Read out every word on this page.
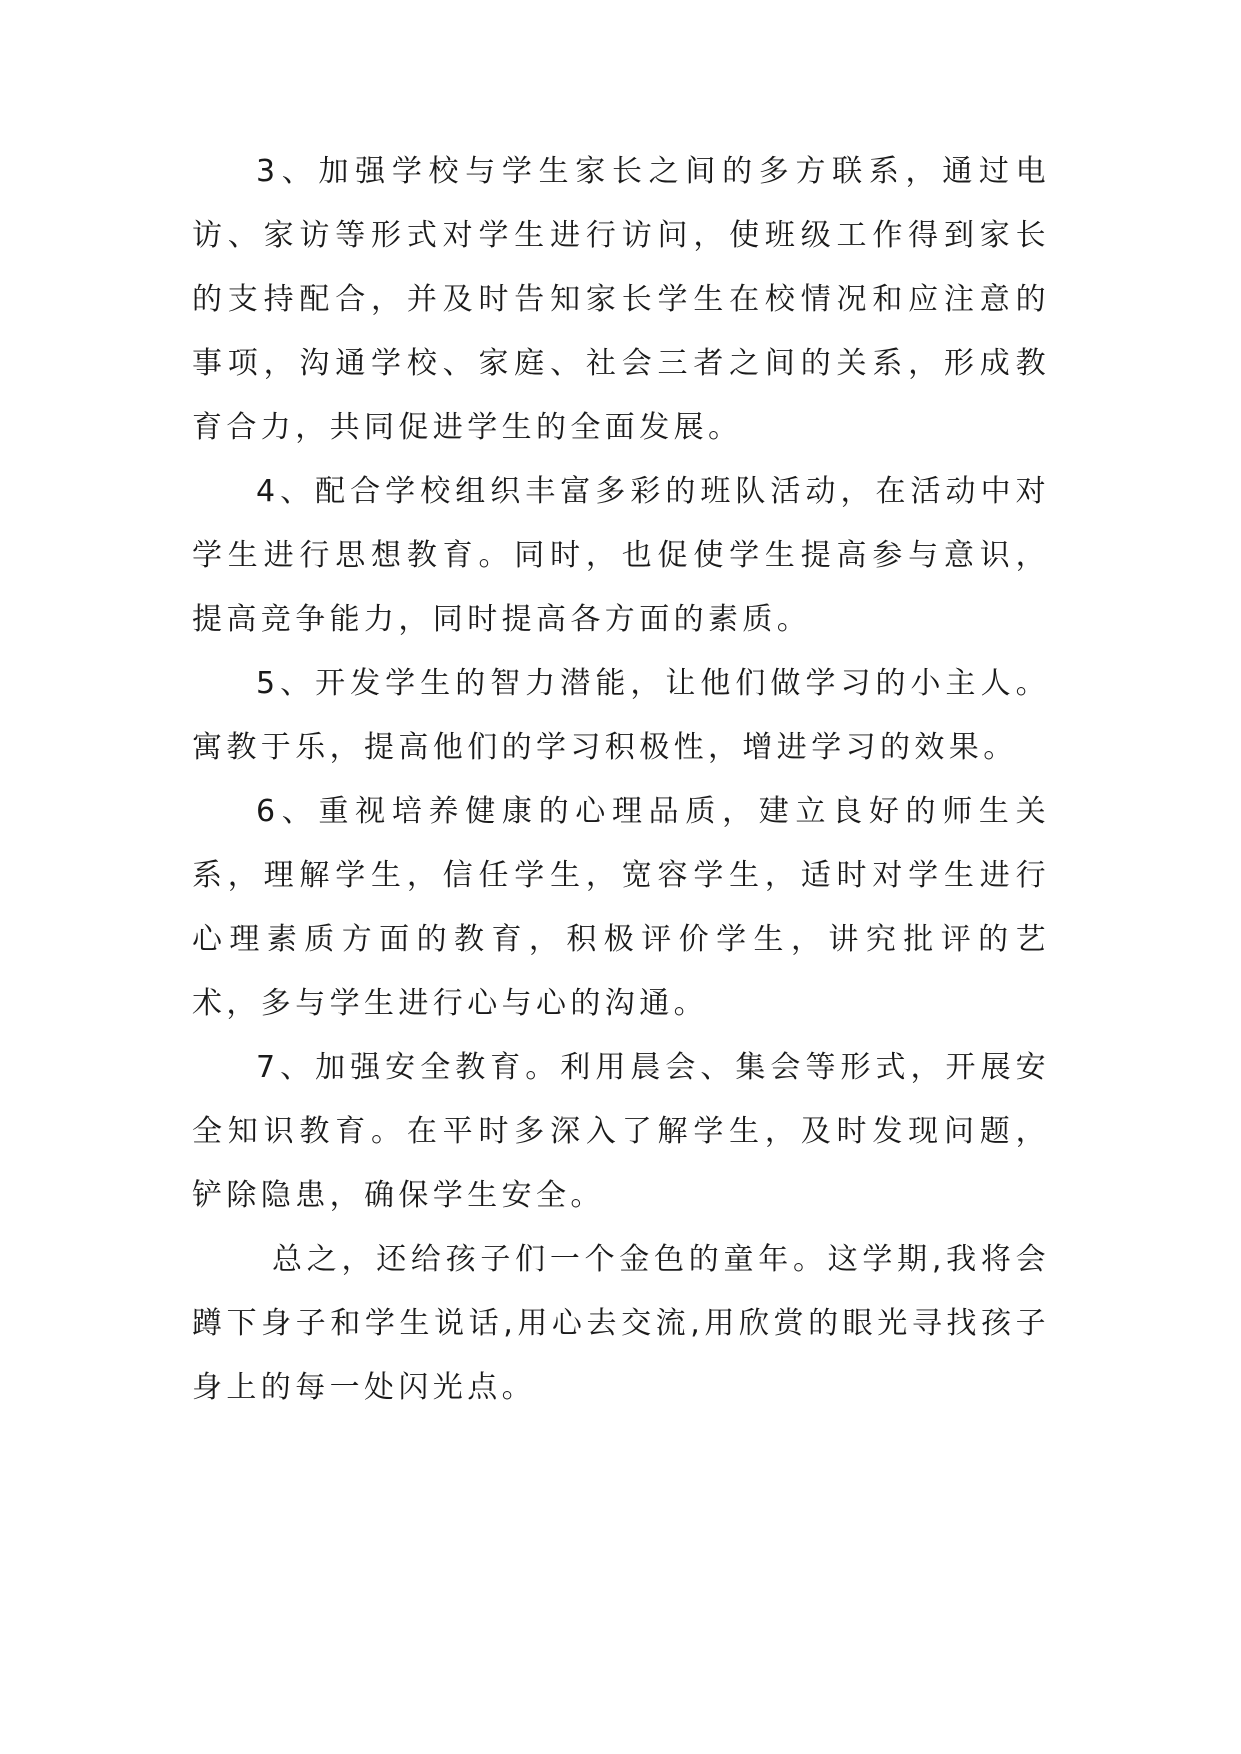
3、加强学校与学生家长之间的多方联系，通过电访、家访等形式对学生进行访问，使班级工作得到家长的支持配合，并及时告知家长学生在校情况和应注意的事项，沟通学校、家庭、社会三者之间的关系，形成教育合力，共同促进学生的全面发展。

4、配合学校组织丰富多彩的班队活动，在活动中对学生进行思想教育。同时，也促使学生提高参与意识，提高竞争能力，同时提高各方面的素质。

5、开发学生的智力潜能，让他们做学习的小主人。寓教于乐，提高他们的学习积极性，增进学习的效果。

6、重视培养健康的心理品质，建立良好的师生关系，理解学生，信任学生，宽容学生，适时对学生进行心理素质方面的教育，积极评价学生，讲究批评的艺术，多与学生进行心与心的沟通。

7、加强安全教育。利用晨会、集会等形式，开展安全知识教育。在平时多深入了解学生，及时发现问题，铲除隐患，确保学生安全。

总之，还给孩子们一个金色的童年。这学期,我将会蹲下身子和学生说话,用心去交流,用欣赏的眼光寻找孩子身上的每一处闪光点。
